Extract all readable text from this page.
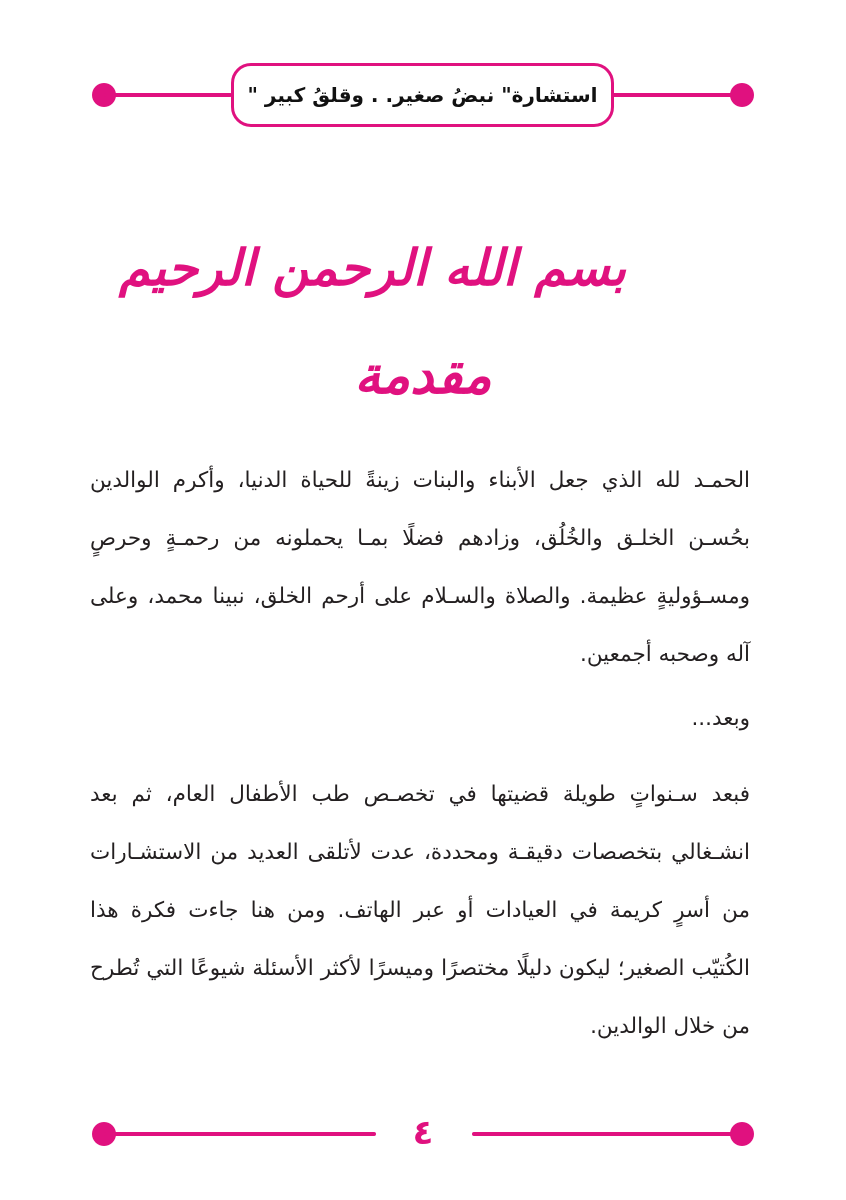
استشارة" نبضُ صغير. . وقلقُ كبير "
بسم الله الرحمن الرحيم
مقدمة

الحمـد لله الذي جعل الأبناء والبنات زينةً للحياة الدنيا، وأكرم الوالدين بحُسـن الخلـق والخُلُق، وزادهم فضلًا بمـا يحملونه من رحمـةٍ وحرصٍ ومسـؤوليةٍ عظيمة. والصلاة والسـلام على أرحم الخلق، نبينا محمد، وعلى آله وصحبه أجمعين.

وبعد...

فبعد سـنواتٍ طويلة قضيتها في تخصـص طب الأطفال العام، ثم بعد انشـغالي بتخصصات دقيقـة ومحددة، عدت لأتلقى العديد من الاستشـارات من أسرٍ كريمة في العيادات أو عبر الهاتف. ومن هنا جاءت فكرة هذا الكُتيّب الصغير؛ ليكون دليلًا مختصرًا وميسرًا لأكثر الأسئلة شيوعًا التي تُطرح من خلال الوالدين.

٤
